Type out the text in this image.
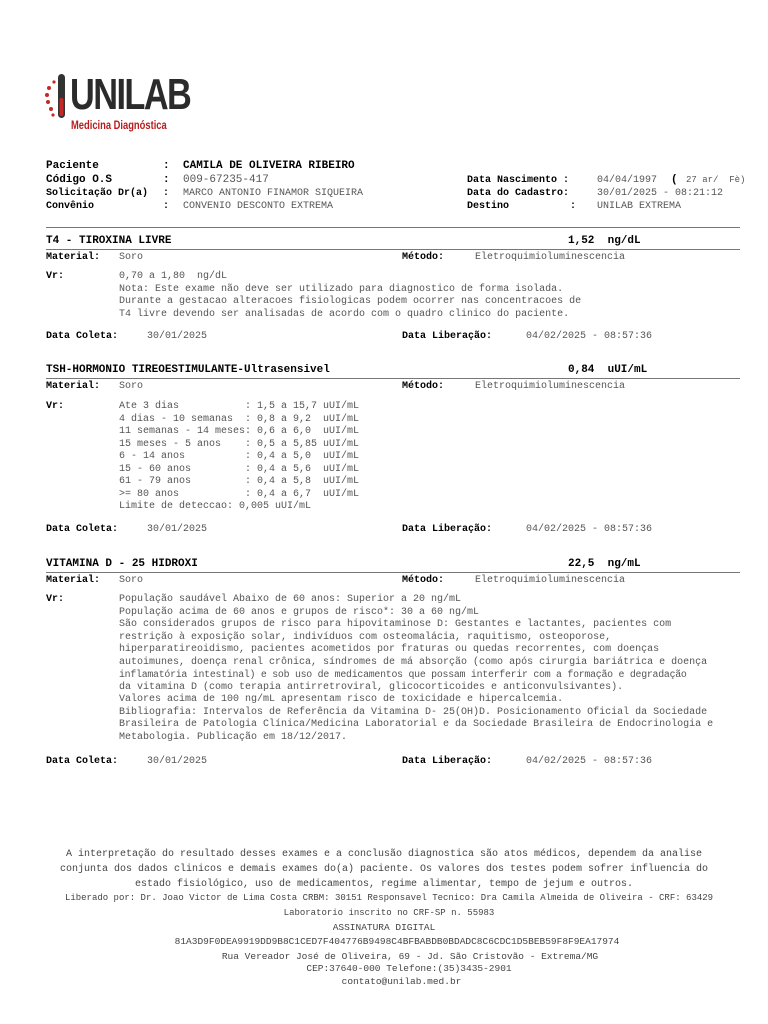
UNILAB
Medicina Diagnóstica
Paciente	: CAMILA DE OLIVEIRA RIBEIRO
Código O.S	: 009-67235-417
Solicitação Dr(a) : MARCO ANTONIO FINAMOR SIQUEIRA
Convênio	: CONVENIO DESCONTO EXTREMA
Data Nascimento :	04/04/1997 ( 27 ar/  Fè)
Data do Cadastro:	30/01/2025 - 08:21:12
Destino	: UNILAB EXTREMA
T4 - TIROXINA LIVRE	1,52  ng/dL
Material: Soro	Método:	Eletroquimioluminescencia
Vr:	0,70 a 1,80  ng/dL
Nota: Este exame não deve ser utilizado para diagnostico de forma isolada.
Durante a gestacao alteracoes fisiologicas podem ocorrer nas concentracoes de
T4 livre devendo ser analisadas de acordo com o quadro clinico do paciente.
Data Coleta:	30/01/2025	Data Liberação:	04/02/2025 - 08:57:36
TSH-HORMONIO TIREOESTIMULANTE-Ultrasensivel	0,84  uUI/mL
Material: Soro	Método:	Eletroquimioluminescencia
Vr:	Ate 3 dias           : 1,5 a 15,7 uUI/mL
4 dias - 10 semanas  : 0,8 a 9,2  uUI/mL
11 semanas - 14 meses: 0,6 a 6,0  uUI/mL
15 meses - 5 anos    : 0,5 a 5,85 uUI/mL
6 - 14 anos          : 0,4 a 5,0  uUI/mL
15 - 60 anos         : 0,4 a 5,6  uUI/mL
61 - 79 anos         : 0,4 a 5,8  uUI/mL
>= 80 anos           : 0,4 a 6,7  uUI/mL
Limite de deteccao: 0,005 uUI/mL
Data Coleta:	30/01/2025	Data Liberação:	04/02/2025 - 08:57:36
VITAMINA D - 25 HIDROXI	22,5  ng/mL
Material: Soro	Método:	Eletroquimioluminescencia
Vr:	População saudável Abaixo de 60 anos: Superior a 20 ng/mL
População acima de 60 anos e grupos de risco*: 30 a 60 ng/mL
São considerados grupos de risco para hipovitaminose D: Gestantes e lactantes, pacientes com
restrição à exposição solar, indivíduos com osteomalácia, raquitismo, osteoporose,
hiperparatireoidismo, pacientes acometidos por fraturas ou quedas recorrentes, com doenças
autoimunes, doença renal crônica, síndromes de má absorção (como após cirurgia bariátrica e doença
inflamatória intestinal) e sob uso de medicamentos que possam interferir com a formação e degradação
da vitamina D (como terapia antirretroviral, glicocorticoides e anticonvulsivantes).
Valores acima de 100 ng/mL apresentam risco de toxicidade e hipercalcemia.
Bibliografia: Intervalos de Referência da Vitamina D- 25(OH)D. Posicionamento Oficial da Sociedade
Brasileira de Patologia Clínica/Medicina Laboratorial e da Sociedade Brasileira de Endocrinologia e
Metabologia. Publicação em 18/12/2017.
Data Coleta:	30/01/2025	Data Liberação:	04/02/2025 - 08:57:36
A interpretação do resultado desses exames e a conclusão diagnostica são atos médicos, dependem da analise
conjunta dos dados clinicos e demais exames do(a) paciente. Os valores dos testes podem sofrer influencia do
estado fisiológico, uso de medicamentos, regime alimentar, tempo de jejum e outros.
Liberado por: Dr. Joao Victor de Lima Costa CRBM: 30151 Responsavel Tecnico: Dra Camila Almeida de Oliveira - CRF: 63429
Laboratorio inscrito no CRF-SP n. 55983
ASSINATURA DIGITAL
81A3D9F0DEA9919DD9B8C1CED7F404776B9498C4BFBABDB0BDADC8C6CDC1D5BEB59F8F9EA17974
Rua Vereador José de Oliveira, 69 - Jd. São Cristovão - Extrema/MG
CEP:37640-000 Telefone:(35)3435-2901
contato@unilab.med.br
